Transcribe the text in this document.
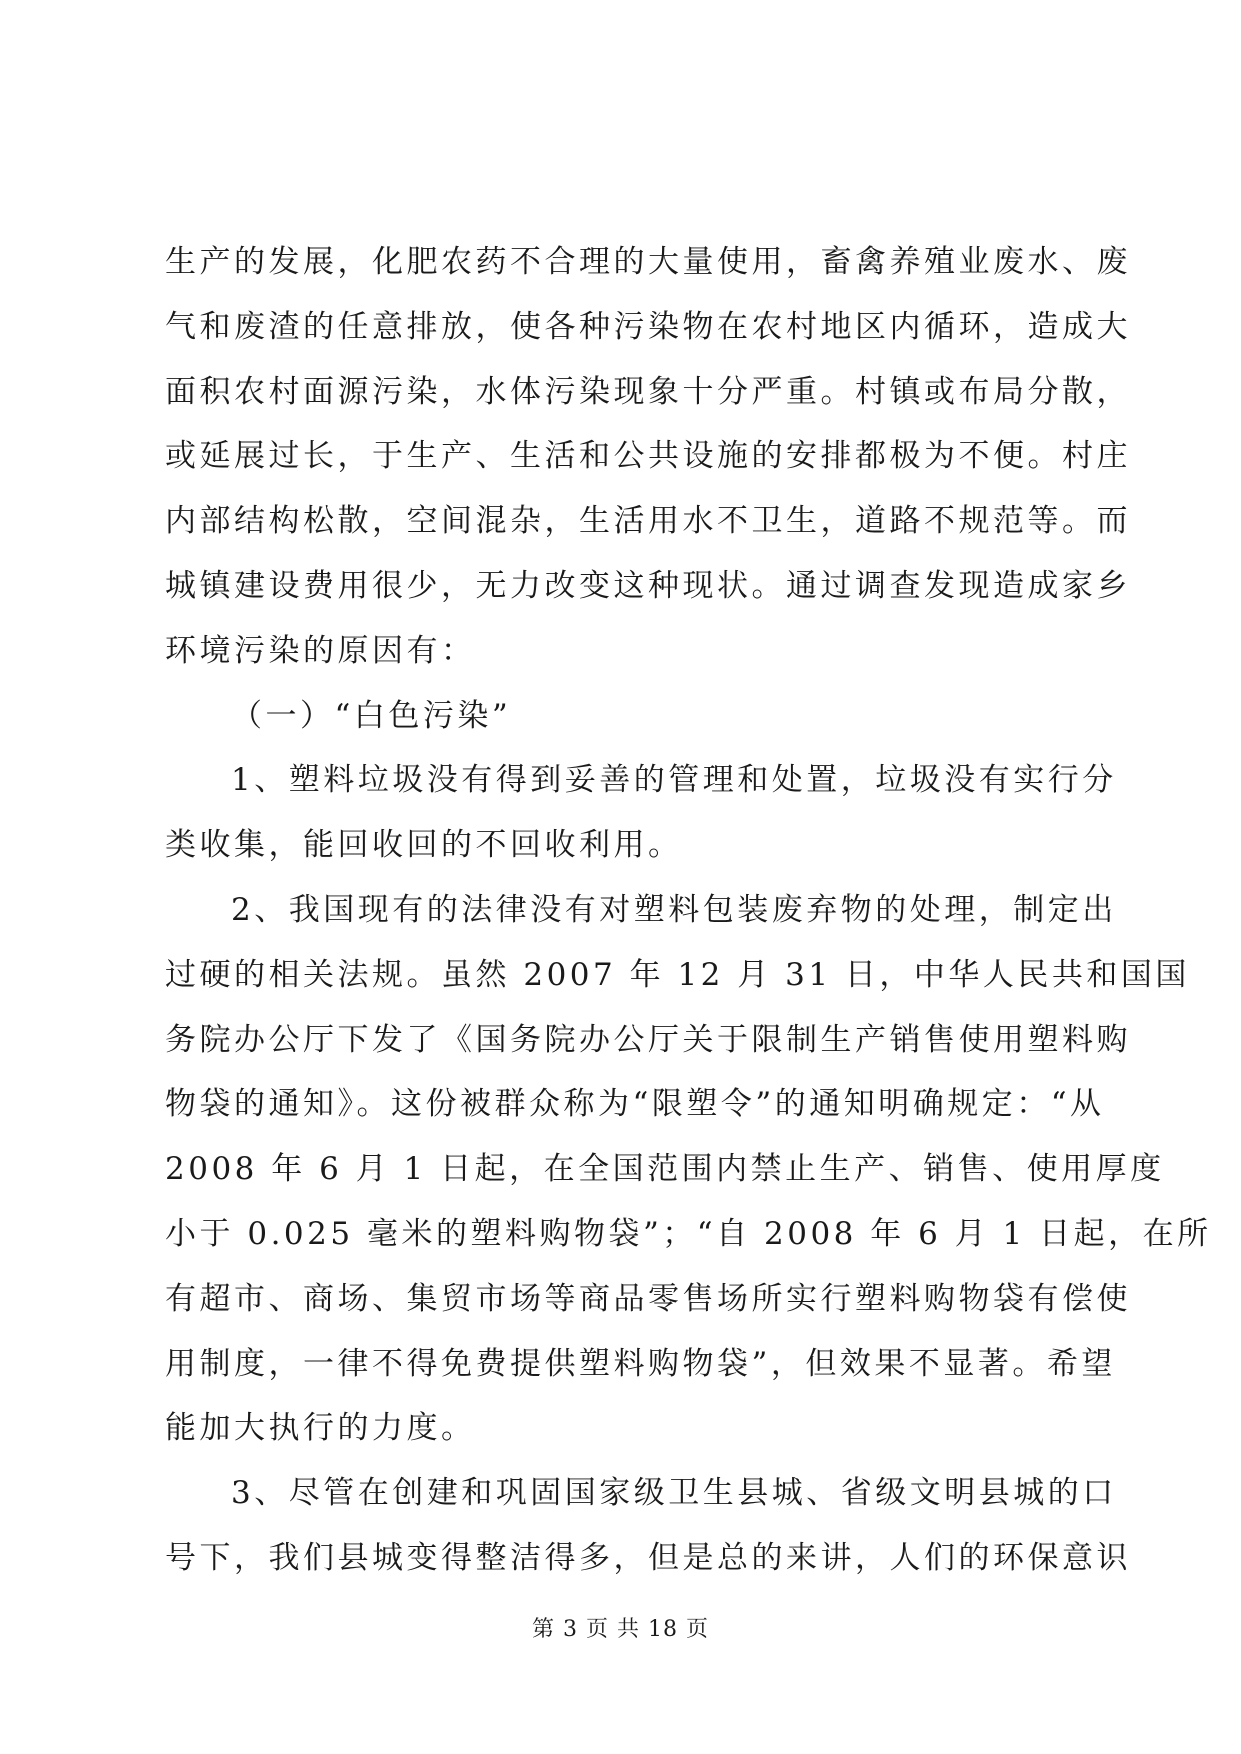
生产的发展，化肥农药不合理的大量使用，畜禽养殖业废水、废
气和废渣的任意排放，使各种污染物在农村地区内循环，造成大
面积农村面源污染，水体污染现象十分严重。村镇或布局分散，
或延展过长，于生产、生活和公共设施的安排都极为不便。村庄
内部结构松散，空间混杂，生活用水不卫生，道路不规范等。而
城镇建设费用很少，无力改变这种现状。通过调查发现造成家乡
环境污染的原因有：
（一）“白色污染”
1、塑料垃圾没有得到妥善的管理和处置，垃圾没有实行分
类收集，能回收回的不回收利用。
2、我国现有的法律没有对塑料包装废弃物的处理，制定出
过硬的相关法规。虽然 2007 年 12 月 31 日，中华人民共和国国
务院办公厅下发了《国务院办公厅关于限制生产销售使用塑料购
物袋的通知》。这份被群众称为“限塑令”的通知明确规定：“从
2008 年 6 月 1 日起，在全国范围内禁止生产、销售、使用厚度
小于 0.025 毫米的塑料购物袋”；“自 2008 年 6 月 1 日起，在所
有超市、商场、集贸市场等商品零售场所实行塑料购物袋有偿使
用制度，一律不得免费提供塑料购物袋”，但效果不显著。希望
能加大执行的力度。
3、尽管在创建和巩固国家级卫生县城、省级文明县城的口
号下，我们县城变得整洁得多，但是总的来讲，人们的环保意识
第 3 页 共 18 页
